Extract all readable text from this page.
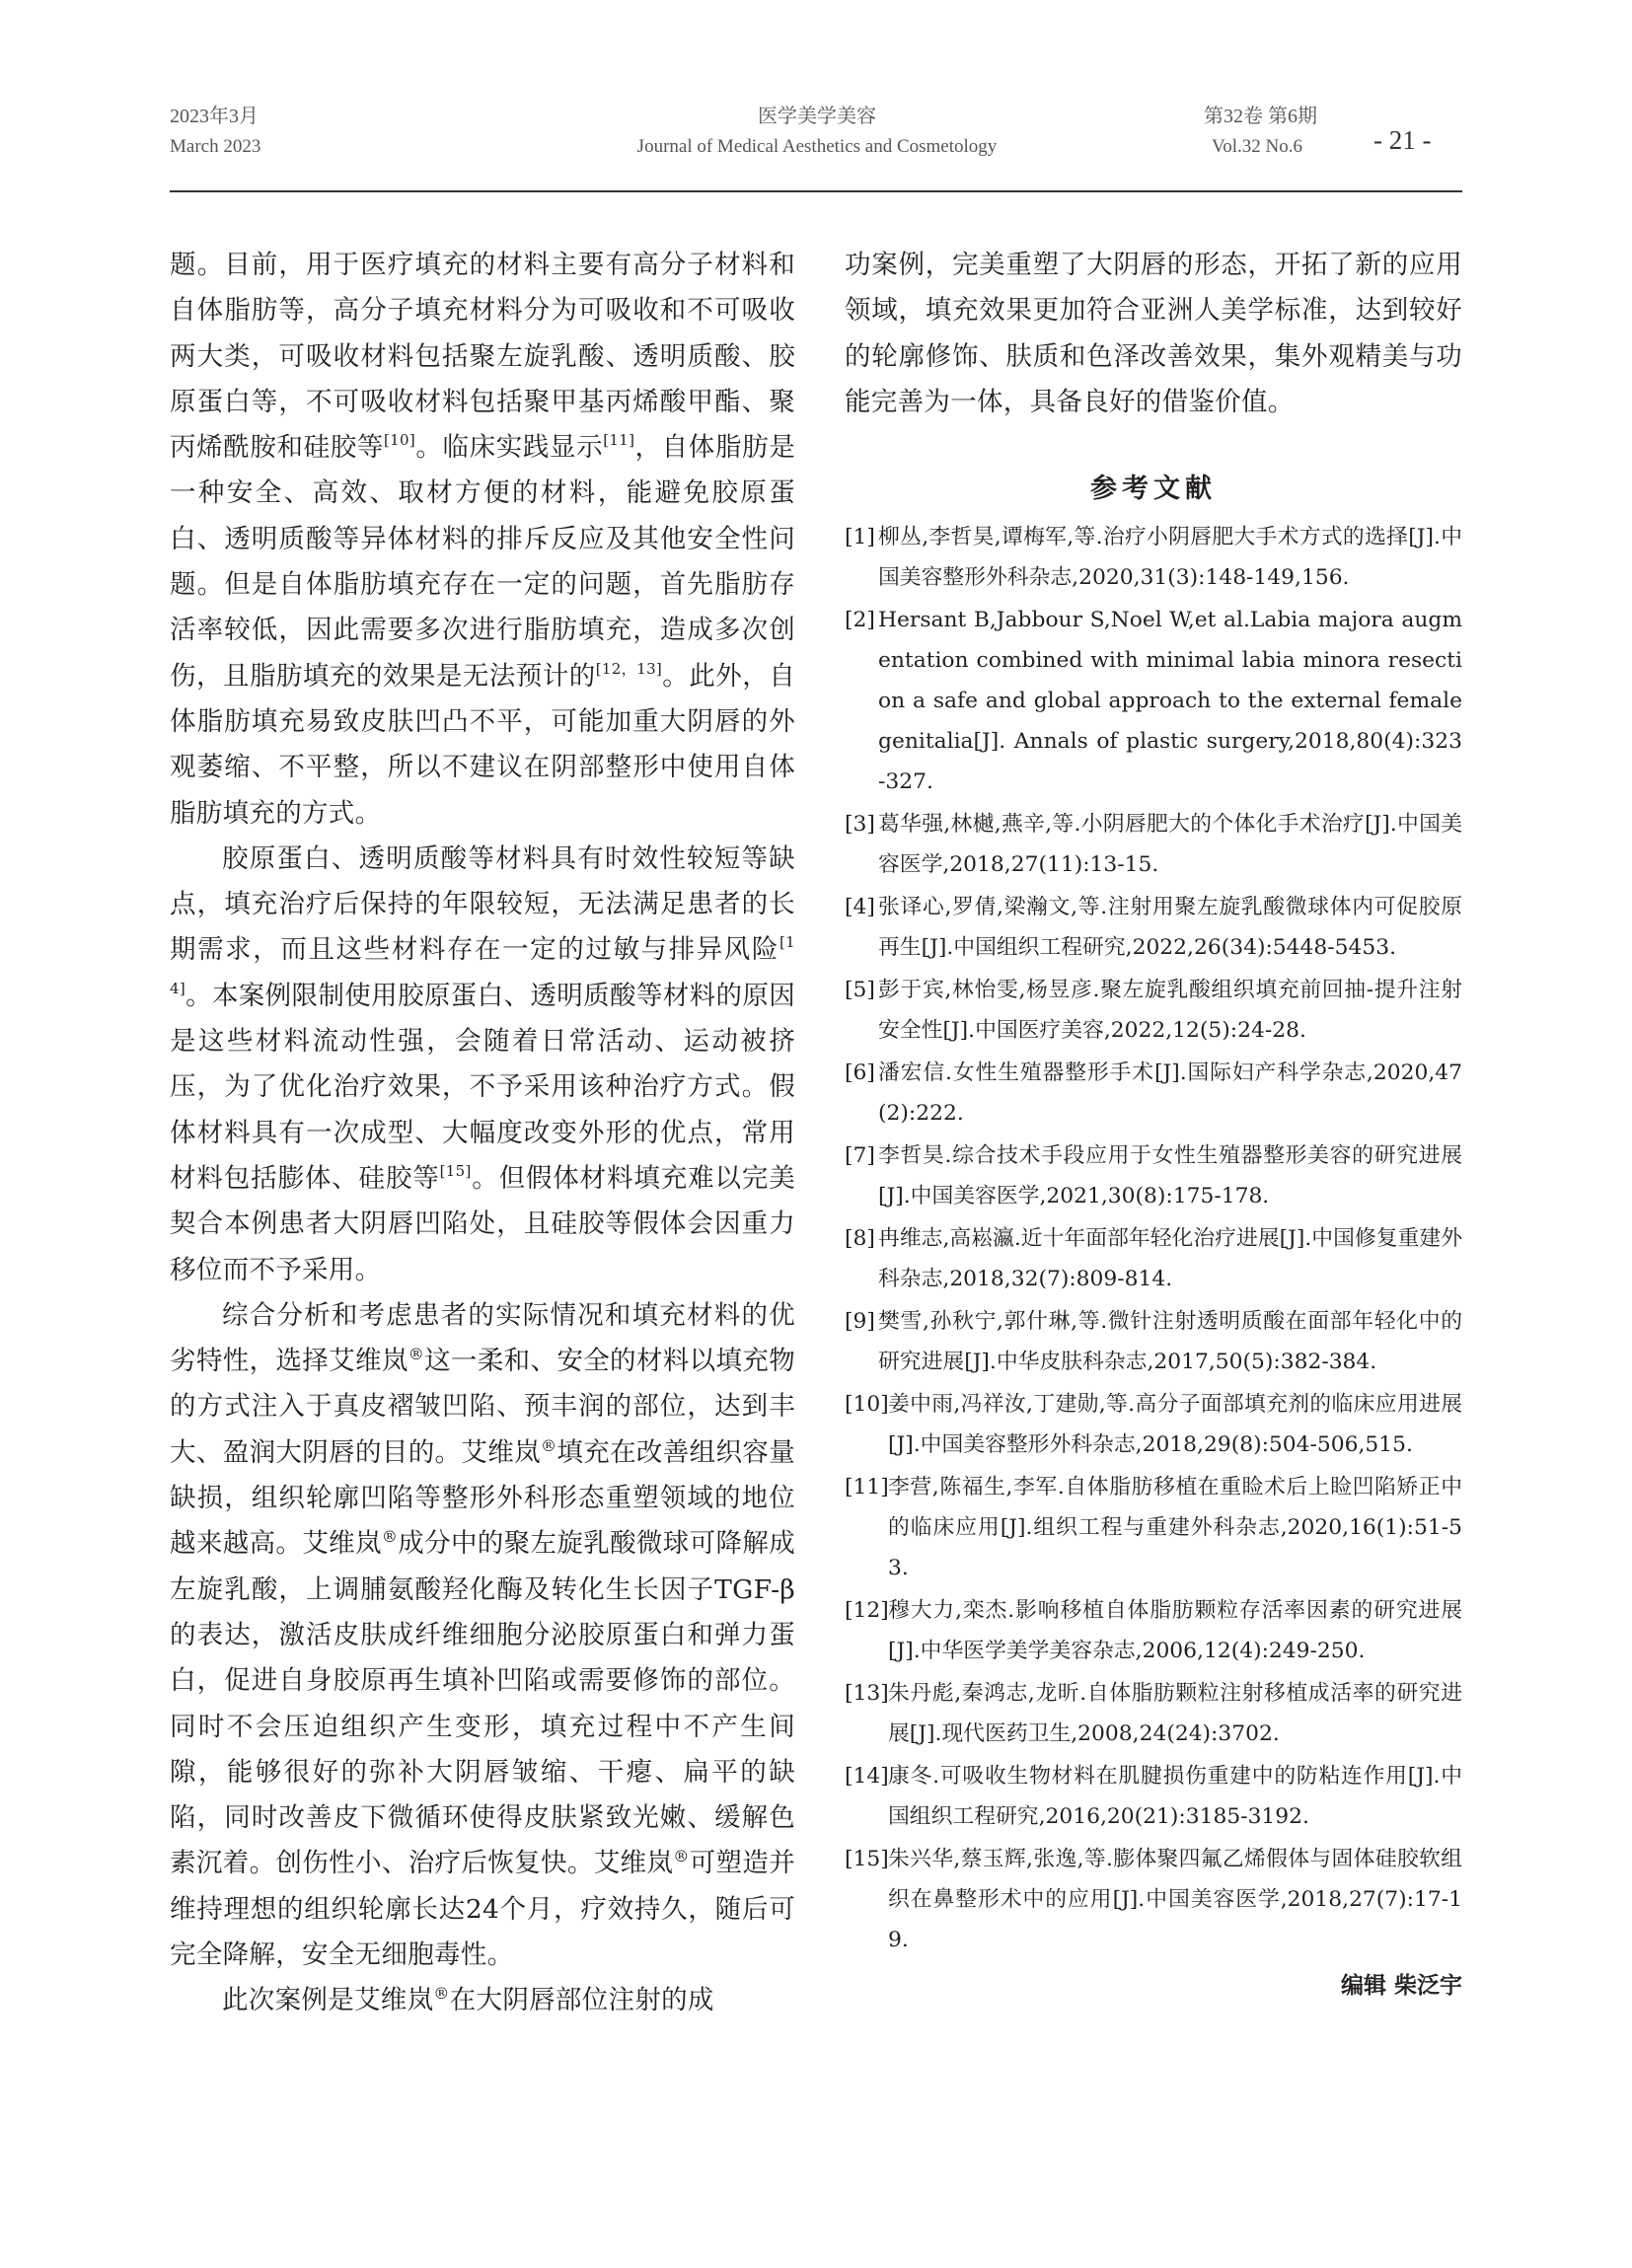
2023年3月
March 2023
医学美学美容
Journal of Medical Aesthetics and Cosmetology
第32卷 第6期
Vol.32 No.6	- 21 -

题。目前，用于医疗填充的材料主要有高分子材料和自体脂肪等，高分子填充材料分为可吸收和不可吸收两大类，可吸收材料包括聚左旋乳酸、透明质酸、胶原蛋白等，不可吸收材料包括聚甲基丙烯酸甲酯、聚丙烯酰胺和硅胶等[10]。临床实践显示[11]，自体脂肪是一种安全、高效、取材方便的材料，能避免胶原蛋白、透明质酸等异体材料的排斥反应及其他安全性问题。但是自体脂肪填充存在一定的问题，首先脂肪存活率较低，因此需要多次进行脂肪填充，造成多次创伤，且脂肪填充的效果是无法预计的[12，13]。此外，自体脂肪填充易致皮肤凹凸不平，可能加重大阴唇的外观萎缩、不平整，所以不建议在阴部整形中使用自体脂肪填充的方式。

胶原蛋白、透明质酸等材料具有时效性较短等缺点，填充治疗后保持的年限较短，无法满足患者的长期需求，而且这些材料存在一定的过敏与排异风险[14]。本案例限制使用胶原蛋白、透明质酸等材料的原因是这些材料流动性强，会随着日常活动、运动被挤压，为了优化治疗效果，不予采用该种治疗方式。假体材料具有一次成型、大幅度改变外形的优点，常用材料包括膨体、硅胶等[15]。但假体材料填充难以完美契合本例患者大阴唇凹陷处，且硅胶等假体会因重力移位而不予采用。

综合分析和考虑患者的实际情况和填充材料的优劣特性，选择艾维岚®这一柔和、安全的材料以填充物的方式注入于真皮褶皱凹陷、预丰润的部位，达到丰大、盈润大阴唇的目的。艾维岚®填充在改善组织容量缺损，组织轮廓凹陷等整形外科形态重塑领域的地位越来越高。艾维岚®成分中的聚左旋乳酸微球可降解成左旋乳酸，上调脯氨酸羟化酶及转化生长因子TGF-β的表达，激活皮肤成纤维细胞分泌胶原蛋白和弹力蛋白，促进自身胶原再生填补凹陷或需要修饰的部位。同时不会压迫组织产生变形，填充过程中不产生间隙，能够很好的弥补大阴唇皱缩、干瘪、扁平的缺陷，同时改善皮下微循环使得皮肤紧致光嫩、缓解色素沉着。创伤性小、治疗后恢复快。艾维岚®可塑造并维持理想的组织轮廓长达24个月，疗效持久，随后可完全降解，安全无细胞毒性。

此次案例是艾维岚®在大阴唇部位注射的成

功案例，完美重塑了大阴唇的形态，开拓了新的应用领域，填充效果更加符合亚洲人美学标准，达到较好的轮廓修饰、肤质和色泽改善效果，集外观精美与功能完善为一体，具备良好的借鉴价值。

参考文献
[1] 柳丛,李哲昊,谭梅军,等.治疗小阴唇肥大手术方式的选择[J].中国美容整形外科杂志,2020,31(3):148-149,156.
[2] Hersant B,Jabbour S,Noel W,et al.Labia majora augmentation combined with minimal labia minora resection a safe and global approach to the external female genitalia[J]. Annals of plastic surgery,2018,80(4):323-327.
[3] 葛华强,林樾,燕辛,等.小阴唇肥大的个体化手术治疗[J].中国美容医学,2018,27(11):13-15.
[4] 张译心,罗倩,梁瀚文,等.注射用聚左旋乳酸微球体内可促胶原再生[J].中国组织工程研究,2022,26(34):5448-5453.
[5] 彭于宾,林怡雯,杨昱彦.聚左旋乳酸组织填充前回抽-提升注射安全性[J].中国医疗美容,2022,12(5):24-28.
[6] 潘宏信.女性生殖器整形手术[J].国际妇产科学杂志,2020,47(2):222.
[7] 李哲昊.综合技术手段应用于女性生殖器整形美容的研究进展[J].中国美容医学,2021,30(8):175-178.
[8] 冉维志,高崧瀛.近十年面部年轻化治疗进展[J].中国修复重建外科杂志,2018,32(7):809-814.
[9] 樊雪,孙秋宁,郭什琳,等.微针注射透明质酸在面部年轻化中的研究进展[J].中华皮肤科杂志,2017,50(5):382-384.
[10] 姜中雨,冯祥汝,丁建勋,等.高分子面部填充剂的临床应用进展[J].中国美容整形外科杂志,2018,29(8):504-506,515.
[11] 李营,陈福生,李军.自体脂肪移植在重睑术后上睑凹陷矫正中的临床应用[J].组织工程与重建外科杂志,2020,16(1):51-53.
[12] 穆大力,栾杰.影响移植自体脂肪颗粒存活率因素的研究进展[J].中华医学美学美容杂志,2006,12(4):249-250.
[13] 朱丹彪,秦鸿志,龙昕.自体脂肪颗粒注射移植成活率的研究进展[J].现代医药卫生,2008,24(24):3702.
[14] 康冬.可吸收生物材料在肌腱损伤重建中的防粘连作用[J].中国组织工程研究,2016,20(21):3185-3192.
[15] 朱兴华,蔡玉辉,张逸,等.膨体聚四氟乙烯假体与固体硅胶软组织在鼻整形术中的应用[J].中国美容医学,2018,27(7):17-19.
编辑 柴泛宇
